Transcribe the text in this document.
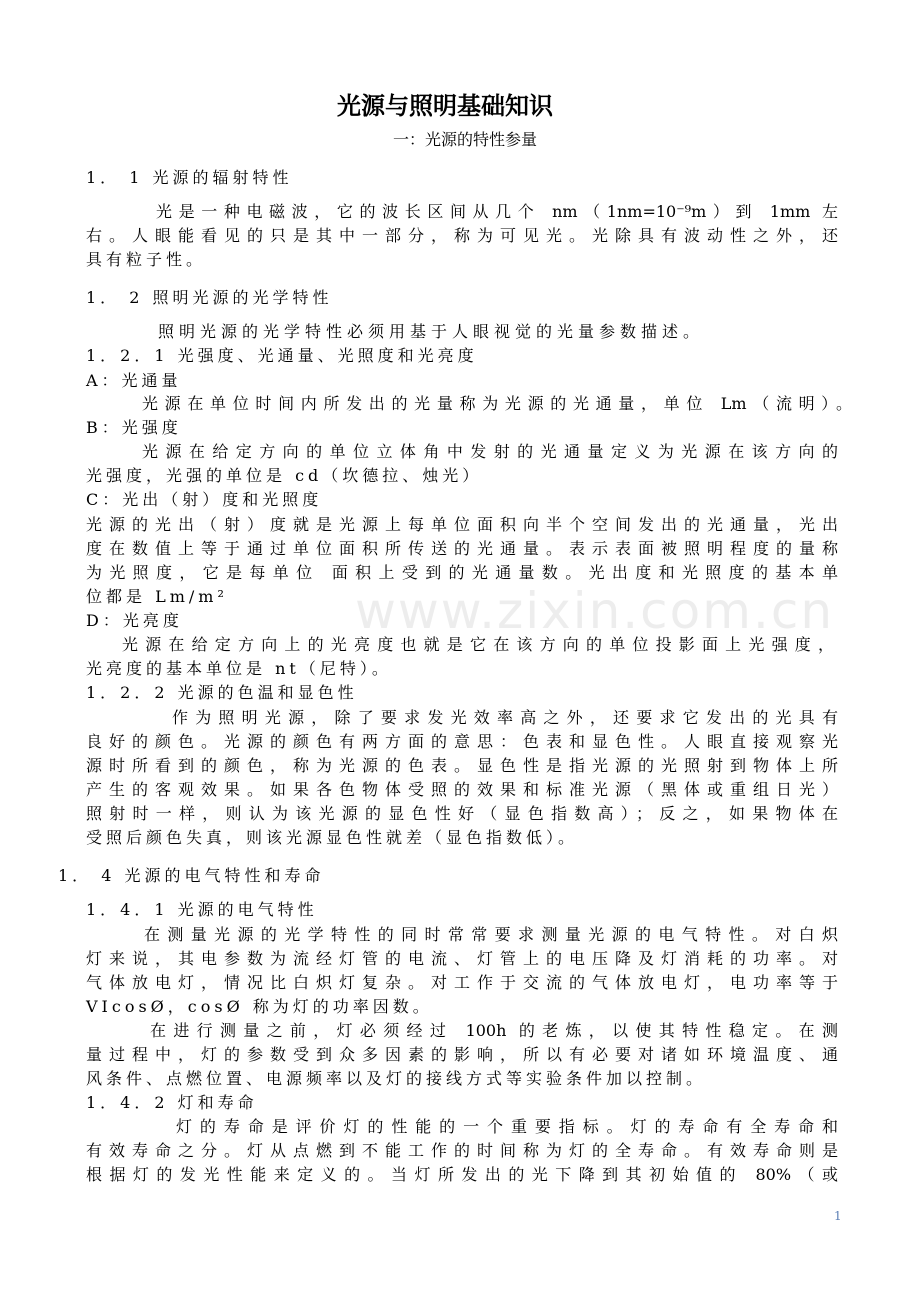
www.zixin.com.cn
光源与照明基础知识
一：光源的特性参量
1． 1 光源的辐射特性
光是一种电磁波，它的波长区间从几个 nm（1nm=10⁻⁹m）到 1mm 左
右。人眼能看见的只是其中一部分，称为可见光。光除具有波动性之外，还
具有粒子性。
1． 2 照明光源的光学特性
照明光源的光学特性必须用基于人眼视觉的光量参数描述。
1．2．1 光强度、光通量、光照度和光亮度
A：光通量
光源在单位时间内所发出的光量称为光源的光通量，单位 Lm（流明）。
B：光强度
光源在给定方向的单位立体角中发射的光通量定义为光源在该方向的
光强度，光强的单位是 cd（坎德拉、烛光）
C：光出（射）度和光照度
光源的光出（射）度就是光源上每单位面积向半个空间发出的光通量，光出
度在数值上等于通过单位面积所传送的光通量。表示表面被照明程度的量称
为光照度，它是每单位 面积上受到的光通量数。光出度和光照度的基本单
位都是 Lm/m²
D：光亮度
光源在给定方向上的光亮度也就是它在该方向的单位投影面上光强度，
光亮度的基本单位是 nt（尼特）。
1．2．2 光源的色温和显色性
作为照明光源，除了要求发光效率高之外，还要求它发出的光具有
良好的颜色。光源的颜色有两方面的意思：色表和显色性。人眼直接观察光
源时所看到的颜色，称为光源的色表。显色性是指光源的光照射到物体上所
产生的客观效果。如果各色物体受照的效果和标准光源（黑体或重组日光）
照射时一样，则认为该光源的显色性好（显色指数高）；反之，如果物体在
受照后颜色失真，则该光源显色性就差（显色指数低）。
1． 4 光源的电气特性和寿命
1．4．1 光源的电气特性
在测量光源的光学特性的同时常常要求测量光源的电气特性。对白炽
灯来说，其电参数为流经灯管的电流、灯管上的电压降及灯消耗的功率。对
气体放电灯，情况比白炽灯复杂。对工作于交流的气体放电灯，电功率等于
VIcosØ，cosØ 称为灯的功率因数。
在进行测量之前，灯必须经过 100h 的老炼，以使其特性稳定。在测
量过程中，灯的参数受到众多因素的影响，所以有必要对诸如环境温度、通
风条件、点燃位置、电源频率以及灯的接线方式等实验条件加以控制。
1．4．2 灯和寿命
灯的寿命是评价灯的性能的一个重要指标。灯的寿命有全寿命和
有效寿命之分。灯从点燃到不能工作的时间称为灯的全寿命。有效寿命则是
根据灯的发光性能来定义的。当灯所发出的光下降到其初始值的 80%（或
1
